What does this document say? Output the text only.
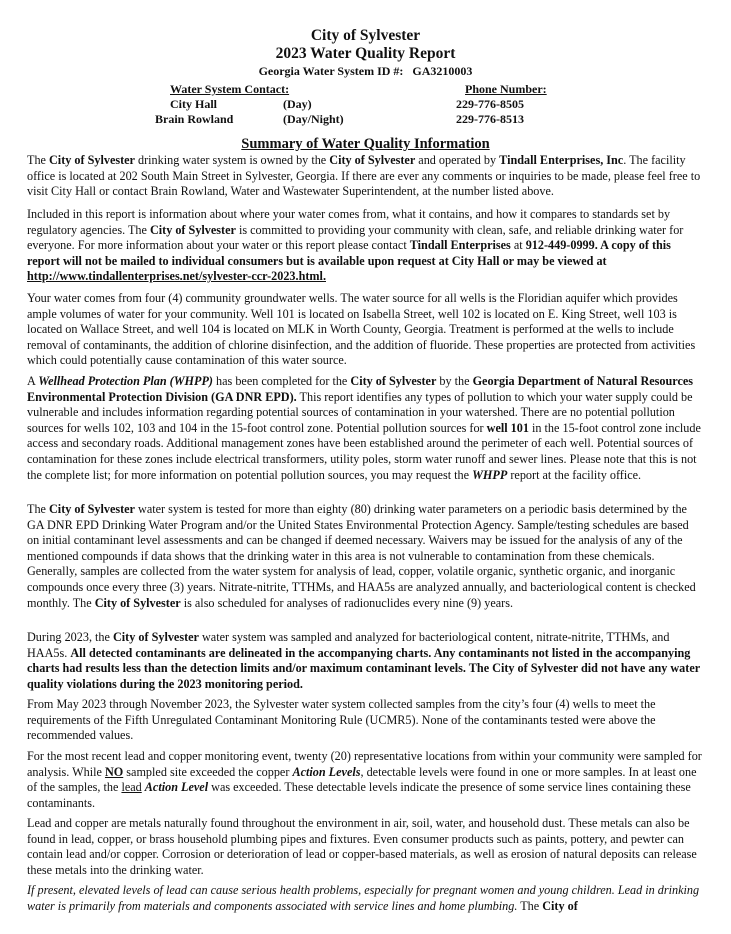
City of Sylvester
2023 Water Quality Report
Georgia Water System ID #:   GA3210003
Water System Contact:	Phone Number:
City Hall	(Day)	229-776-8505
Brain Rowland	(Day/Night)	229-776-8513
Summary of Water Quality Information

The City of Sylvester drinking water system is owned by the City of Sylvester and operated by Tindall Enterprises, Inc. The facility office is located at 202 South Main Street in Sylvester, Georgia. If there are ever any comments or inquiries to be made, please feel free to visit City Hall or contact Brain Rowland, Water and Wastewater Superintendent, at the number listed above.

Included in this report is information about where your water comes from, what it contains, and how it compares to standards set by regulatory agencies. The City of Sylvester is committed to providing your community with clean, safe, and reliable drinking water for everyone. For more information about your water or this report please contact Tindall Enterprises at 912-449-0999. A copy of this report will not be mailed to individual consumers but is available upon request at City Hall or may be viewed at http://www.tindallenterprises.net/sylvester-ccr-2023.html.

Your water comes from four (4) community groundwater wells. The water source for all wells is the Floridian aquifer which provides ample volumes of water for your community. Well 101 is located on Isabella Street, well 102 is located on E. King Street, well 103 is located on Wallace Street, and well 104 is located on MLK in Worth County, Georgia. Treatment is performed at the wells to include removal of contaminants, the addition of chlorine disinfection, and the addition of fluoride. These properties are protected from activities which could potentially cause contamination of this water source.

A Wellhead Protection Plan (WHPP) has been completed for the City of Sylvester by the Georgia Department of Natural Resources Environmental Protection Division (GA DNR EPD). This report identifies any types of pollution to which your water supply could be vulnerable and includes information regarding potential sources of contamination in your watershed. There are no potential pollution sources for wells 102, 103 and 104 in the 15-foot control zone. Potential pollution sources for well 101 in the 15-foot control zone include access and secondary roads. Additional management zones have been established around the perimeter of each well. Potential sources of contamination for these zones include electrical transformers, utility poles, storm water runoff and sewer lines. Please note that this is not the complete list; for more information on potential pollution sources, you may request the WHPP report at the facility office.

The City of Sylvester water system is tested for more than eighty (80) drinking water parameters on a periodic basis determined by the GA DNR EPD Drinking Water Program and/or the United States Environmental Protection Agency. Sample/testing schedules are based on initial contaminant level assessments and can be changed if deemed necessary. Waivers may be issued for the analysis of any of the mentioned compounds if data shows that the drinking water in this area is not vulnerable to contamination from these chemicals. Generally, samples are collected from the water system for analysis of lead, copper, volatile organic, synthetic organic, and inorganic compounds once every three (3) years. Nitrate-nitrite, TTHMs, and HAA5s are analyzed annually, and bacteriological content is checked monthly. The City of Sylvester is also scheduled for analyses of radionuclides every nine (9) years.

During 2023, the City of Sylvester water system was sampled and analyzed for bacteriological content, nitrate-nitrite, TTHMs, and HAA5s. All detected contaminants are delineated in the accompanying charts. Any contaminants not listed in the accompanying charts had results less than the detection limits and/or maximum contaminant levels. The City of Sylvester did not have any water quality violations during the 2023 monitoring period.

From May 2023 through November 2023, the Sylvester water system collected samples from the city’s four (4) wells to meet the requirements of the Fifth Unregulated Contaminant Monitoring Rule (UCMR5). None of the contaminants tested were above the recommended values.

For the most recent lead and copper monitoring event, twenty (20) representative locations from within your community were sampled for analysis. While NO sampled site exceeded the copper Action Levels, detectable levels were found in one or more samples. In at least one of the samples, the lead Action Level was exceeded. These detectable levels indicate the presence of some service lines containing these contaminants.

Lead and copper are metals naturally found throughout the environment in air, soil, water, and household dust. These metals can also be found in lead, copper, or brass household plumbing pipes and fixtures. Even consumer products such as paints, pottery, and pewter can contain lead and/or copper. Corrosion or deterioration of lead or copper-based materials, as well as erosion of natural deposits can release these metals into the drinking water.

If present, elevated levels of lead can cause serious health problems, especially for pregnant women and young children. Lead in drinking water is primarily from materials and components associated with service lines and home plumbing. The City of
